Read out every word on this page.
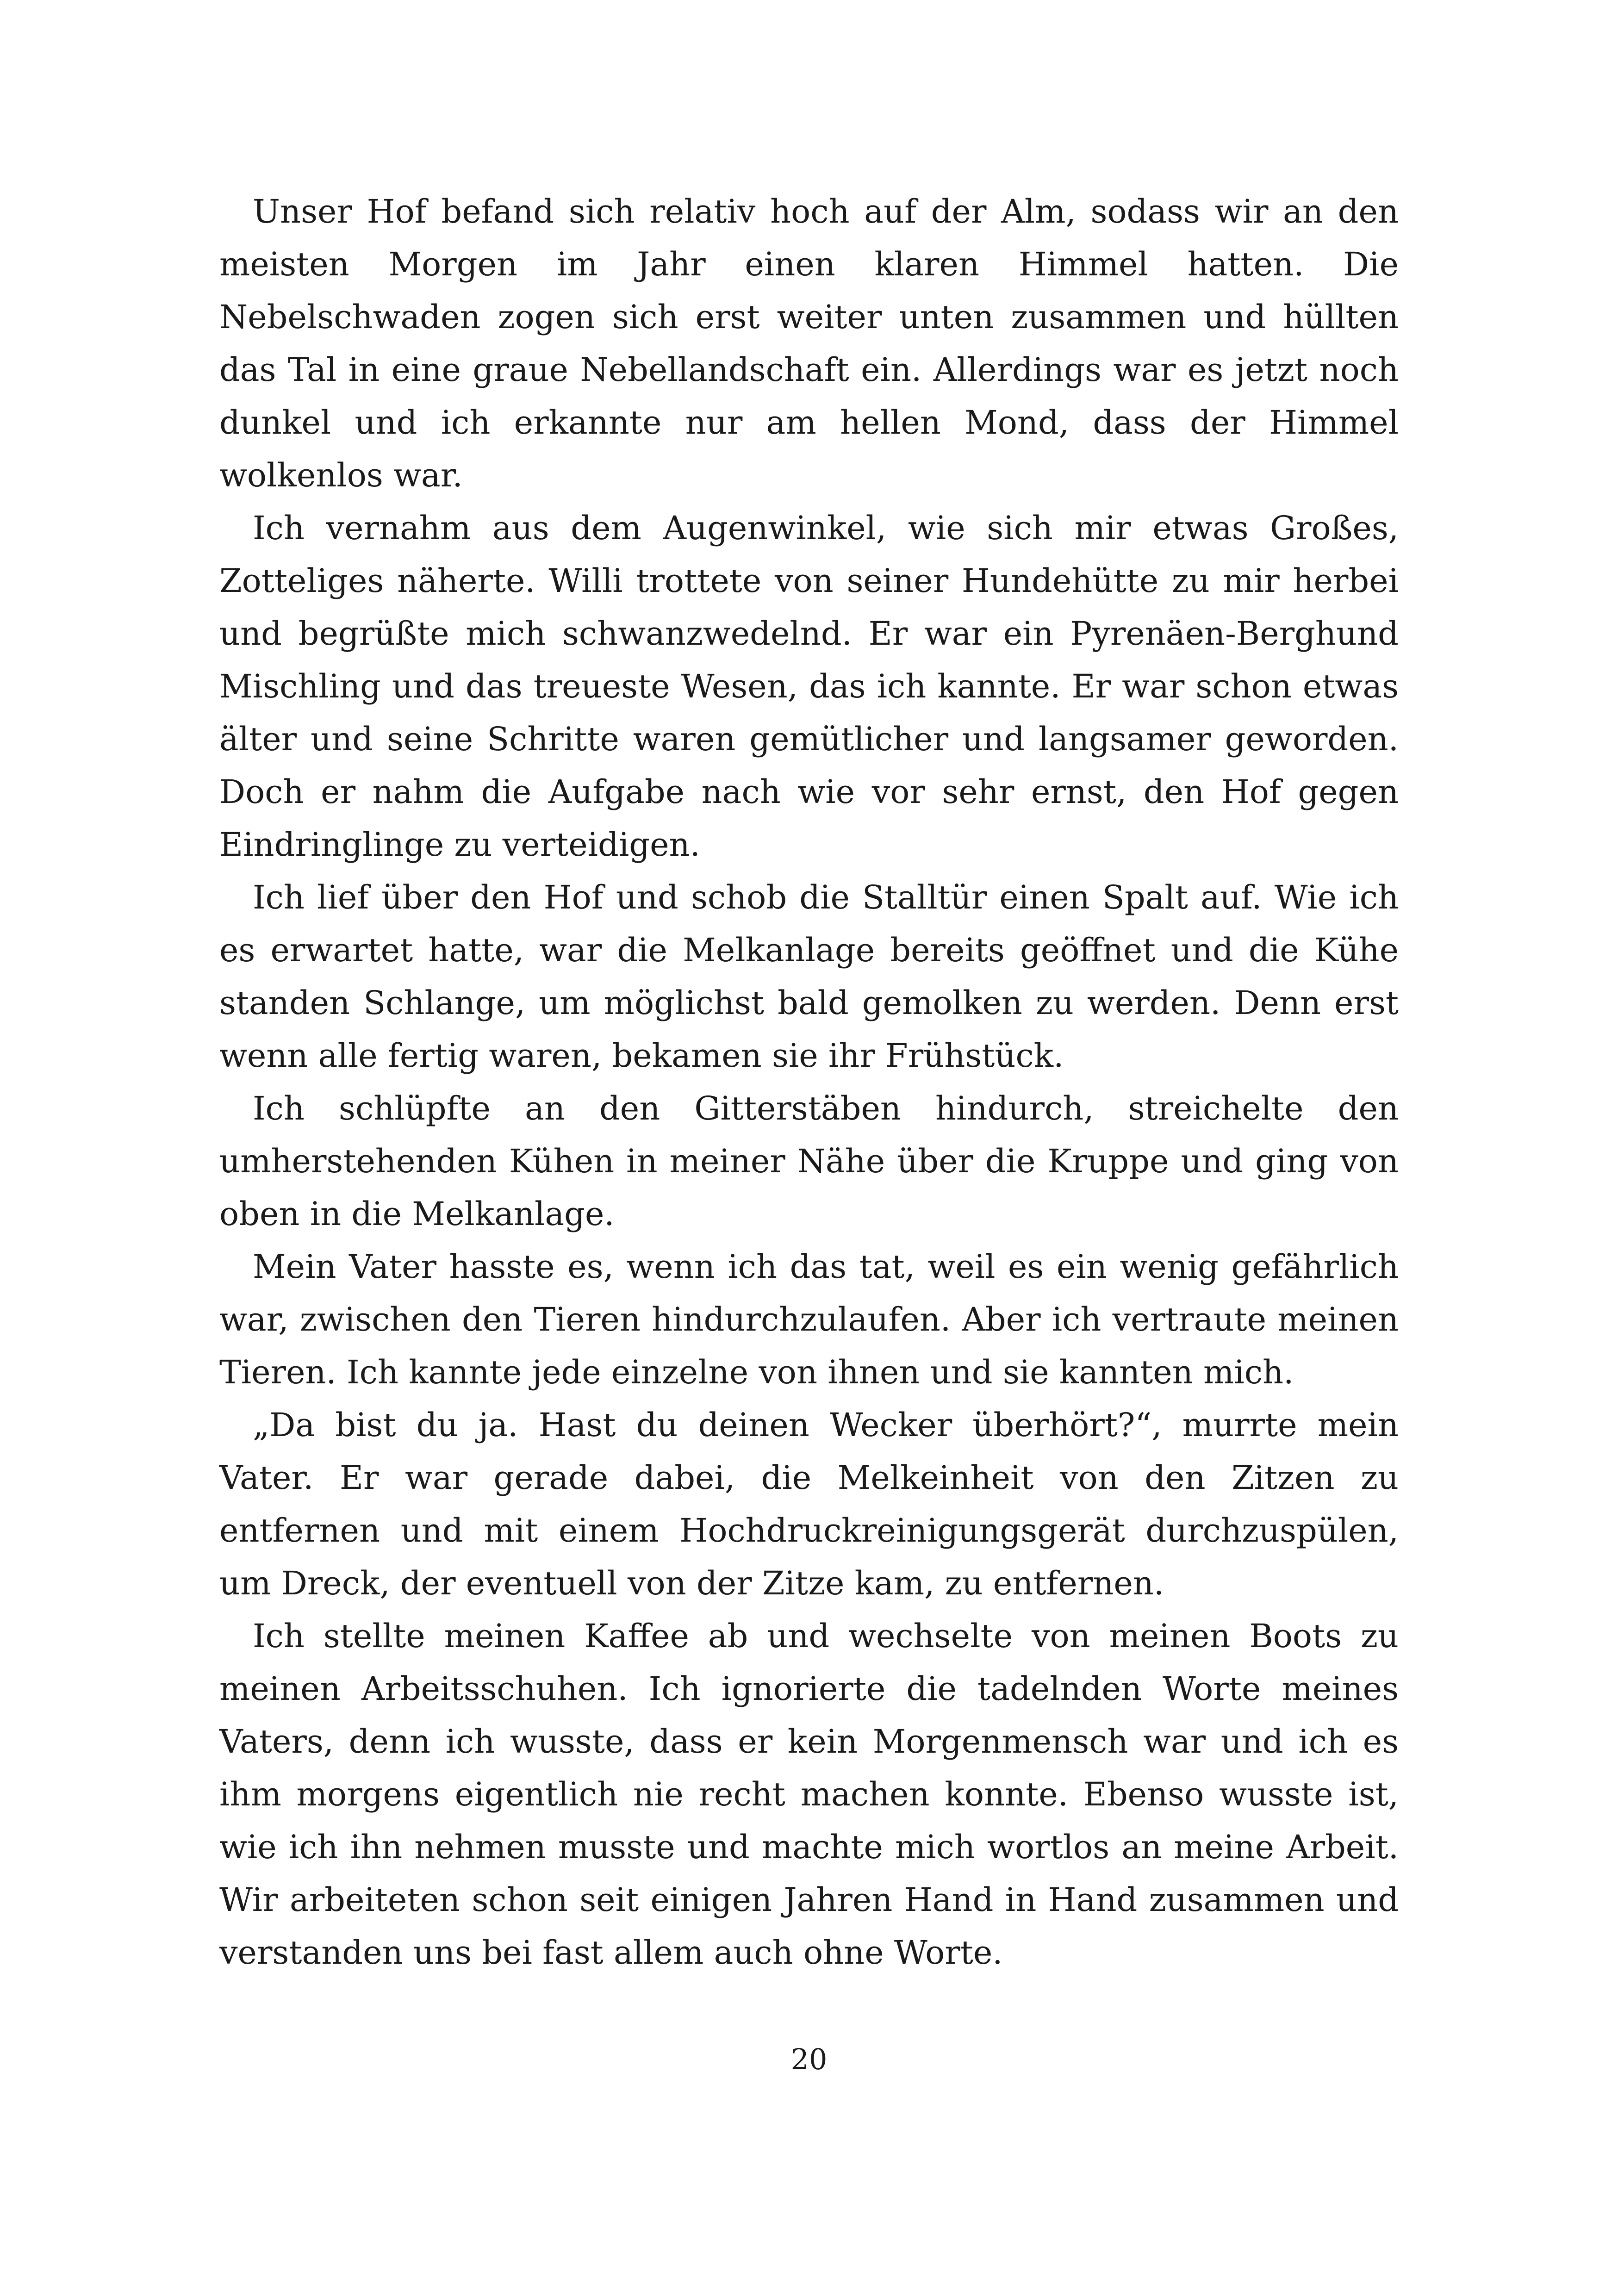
Unser Hof befand sich relativ hoch auf der Alm, sodass wir an den meisten Morgen im Jahr einen klaren Himmel hatten. Die Nebelschwaden zogen sich erst weiter unten zusammen und hüllten das Tal in eine graue Nebellandschaft ein. Allerdings war es jetzt noch dunkel und ich erkannte nur am hellen Mond, dass der Himmel wolkenlos war.

Ich vernahm aus dem Augenwinkel, wie sich mir etwas Großes, Zotteliges näherte. Willi trottete von seiner Hundehütte zu mir herbei und begrüßte mich schwanzwedelnd. Er war ein Pyrenäen-Berghund Mischling und das treueste Wesen, das ich kannte. Er war schon etwas älter und seine Schritte waren gemütlicher und langsamer geworden. Doch er nahm die Aufgabe nach wie vor sehr ernst, den Hof gegen Eindringlinge zu verteidigen.

Ich lief über den Hof und schob die Stalltür einen Spalt auf. Wie ich es erwartet hatte, war die Melkanlage bereits geöffnet und die Kühe standen Schlange, um möglichst bald gemolken zu werden. Denn erst wenn alle fertig waren, bekamen sie ihr Frühstück.

Ich schlüpfte an den Gitterstäben hindurch, streichelte den umherstehenden Kühen in meiner Nähe über die Kruppe und ging von oben in die Melkanlage.

Mein Vater hasste es, wenn ich das tat, weil es ein wenig gefährlich war, zwischen den Tieren hindurchzulaufen. Aber ich vertraute meinen Tieren. Ich kannte jede einzelne von ihnen und sie kannten mich.

„Da bist du ja. Hast du deinen Wecker überhört?“, murrte mein Vater. Er war gerade dabei, die Melkeinheit von den Zitzen zu entfernen und mit einem Hochdruckreinigungsgerät durchzuspülen, um Dreck, der eventuell von der Zitze kam, zu entfernen.

Ich stellte meinen Kaffee ab und wechselte von meinen Boots zu meinen Arbeitsschuhen. Ich ignorierte die tadelnden Worte meines Vaters, denn ich wusste, dass er kein Morgenmensch war und ich es ihm morgens eigentlich nie recht machen konnte. Ebenso wusste ist, wie ich ihn nehmen musste und machte mich wortlos an meine Arbeit. Wir arbeiteten schon seit einigen Jahren Hand in Hand zusammen und verstanden uns bei fast allem auch ohne Worte.

20
